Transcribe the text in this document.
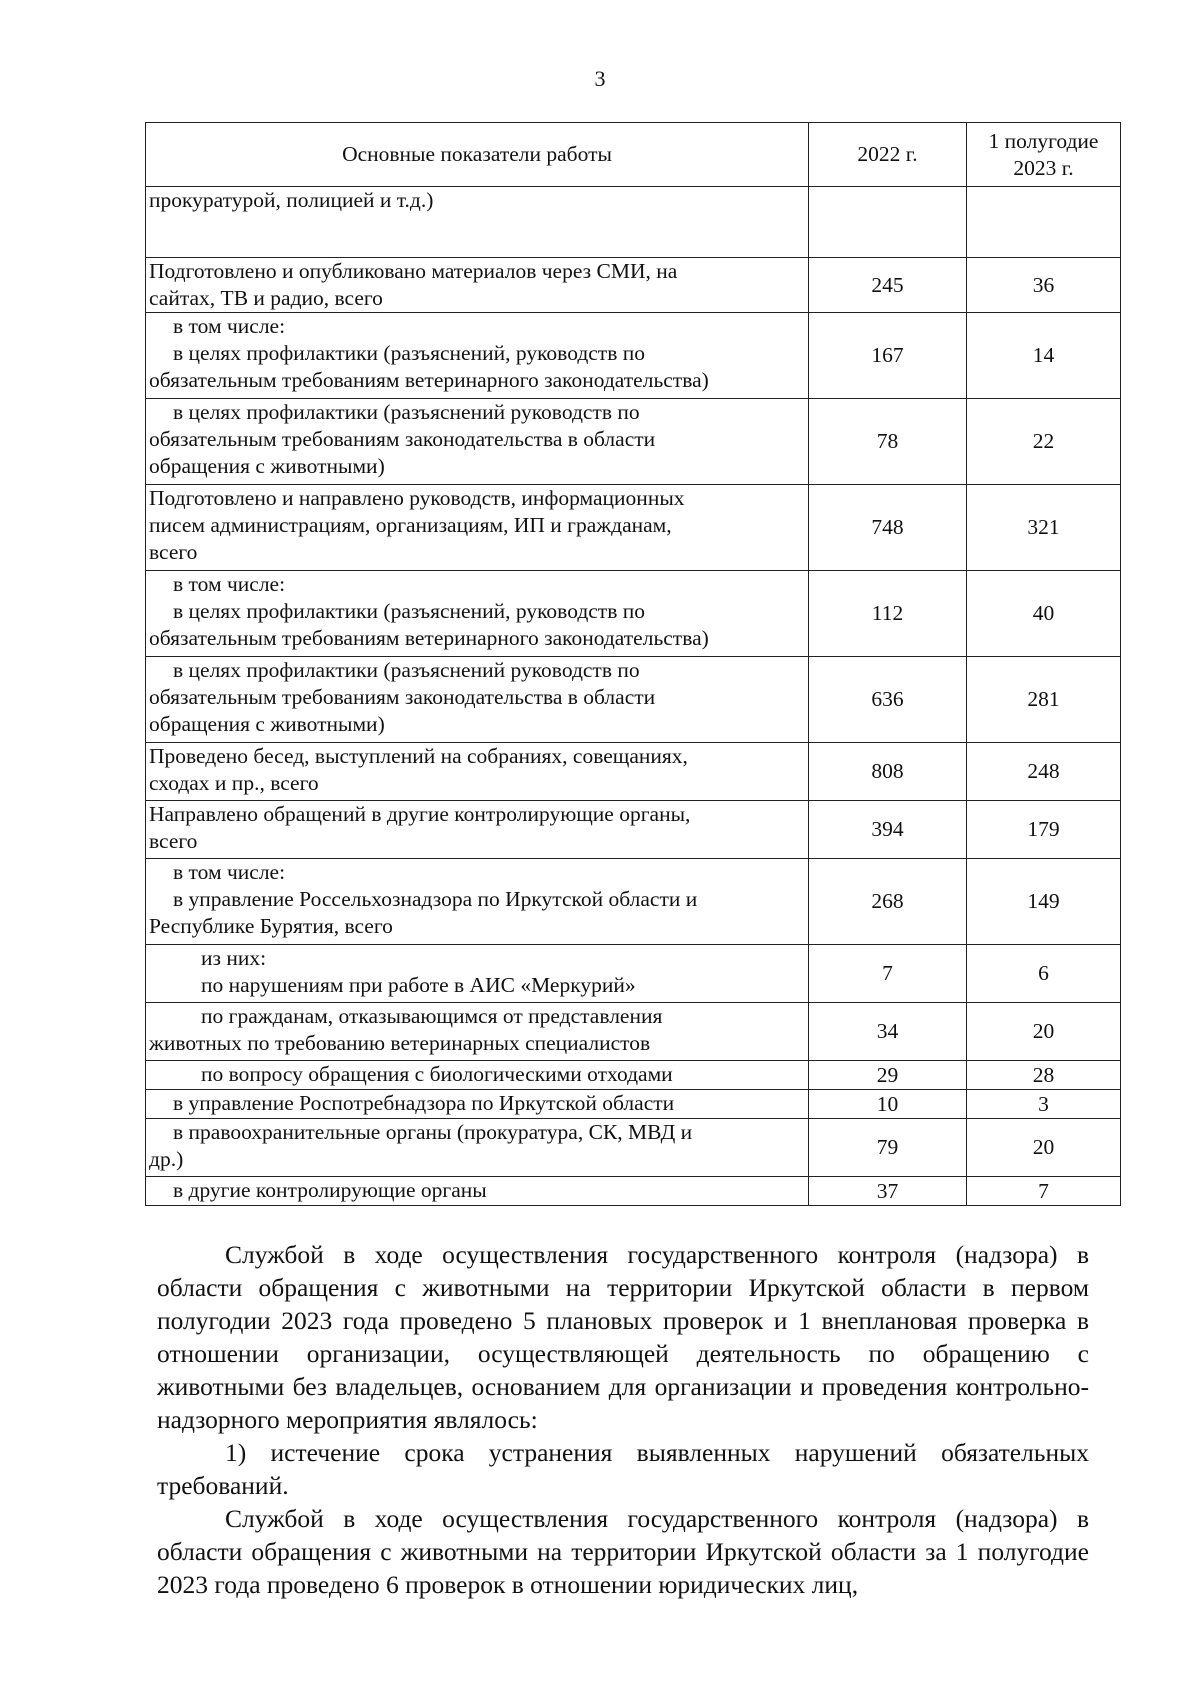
3
Основные показатели работы	2022 г.	1 полугодие 2023 г.

прокуратурой, полицией и т.д.)		

Подготовлено и опубликовано материалов через СМИ, на
сайтах, ТВ и радио, всего	245	36

в том числе:
в целях профилактики (разъяснений, руководств по
обязательным требованиям ветеринарного законодательства)	167	14

в целях профилактики (разъяснений руководств по
обязательным требованиям законодательства в области
обращения с животными)	78	22

Подготовлено и направлено руководств, информационных
писем администрациям, организациям, ИП и гражданам,
всего	748	321

в том числе:
в целях профилактики (разъяснений, руководств по
обязательным требованиям ветеринарного законодательства)	112	40

в целях профилактики (разъяснений руководств по
обязательным требованиям законодательства в области
обращения с животными)	636	281

Проведено бесед, выступлений на собраниях, совещаниях,
сходах и пр., всего	808	248

Направлено обращений в другие контролирующие органы,
всего	394	179

в том числе:
в управление Россельхознадзора по Иркутской области и
Республике Бурятия, всего	268	149

из них:
по нарушениям при работе в АИС «Меркурий»	7	6

по гражданам, отказывающимся от представления
животных по требованию ветеринарных специалистов	34	20

по вопросу обращения с биологическими отходами	29	28

в управление Роспотребнадзора по Иркутской области	10	3

в правоохранительные органы (прокуратура, СК, МВД и
др.)	79	20

в другие контролирующие органы	37	7

Службой в ходе осуществления государственного контроля (надзора) в области обращения с животными на территории Иркутской области в первом полугодии 2023 года проведено 5 плановых проверок и 1 внеплановая проверка в отношении организации, осуществляющей деятельность по обращению с животными без владельцев, основанием для организации и проведения контрольно-надзорного мероприятия являлось:

1) истечение срока устранения выявленных нарушений обязательных требований.

Службой в ходе осуществления государственного контроля (надзора) в области обращения с животными на территории Иркутской области за 1 полугодие 2023 года проведено 6 проверок в отношении юридических лиц,
